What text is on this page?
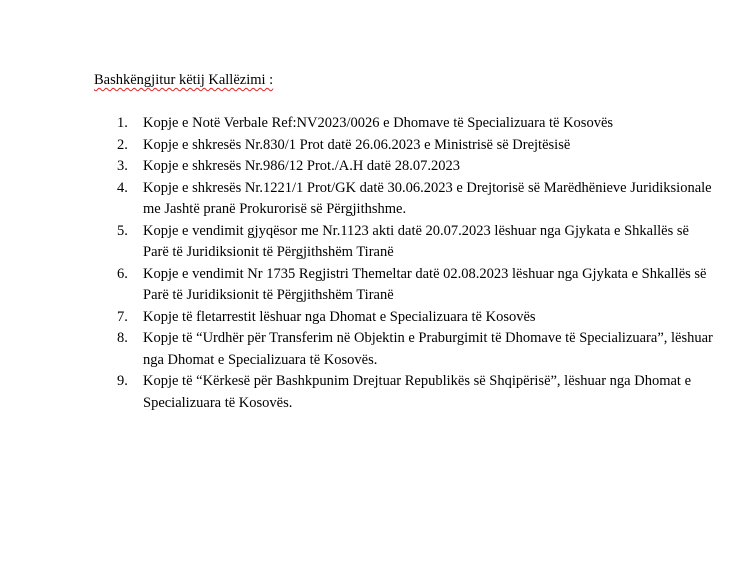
Bashkëngjitur këtij Kallëzimi :
1. Kopje e Notë Verbale Ref:NV2023/0026 e Dhomave të Specializuara të Kosovës
2. Kopje e shkresës Nr.830/1 Prot datë 26.06.2023 e Ministrisë së Drejtësisë
3. Kopje e shkresës Nr.986/12 Prot./A.H datë 28.07.2023
4. Kopje e shkresës Nr.1221/1 Prot/GK datë 30.06.2023 e Drejtorisë së Marëdhënieve Juridiksionale me Jashtë pranë Prokurorisë së Përgjithshme.
5. Kopje e vendimit gjyqësor me Nr.1123 akti datë 20.07.2023 lëshuar nga Gjykata e Shkallës së Parë të Juridiksionit të Përgjithshëm Tiranë
6. Kopje e vendimit Nr 1735 Regjistri Themeltar datë 02.08.2023 lëshuar nga Gjykata e Shkallës së Parë të Juridiksionit të Përgjithshëm Tiranë
7. Kopje të fletarrestit lëshuar nga Dhomat e Specializuara të Kosovës
8. Kopje të “Urdhër për Transferim në Objektin e Praburgimit të Dhomave të Specializuara”, lëshuar nga Dhomat e Specializuara të Kosovës.
9. Kopje të “Kërkesë për Bashkpunim Drejtuar Republikës së Shqipërisë”, lëshuar nga Dhomat e Specializuara të Kosovës.
